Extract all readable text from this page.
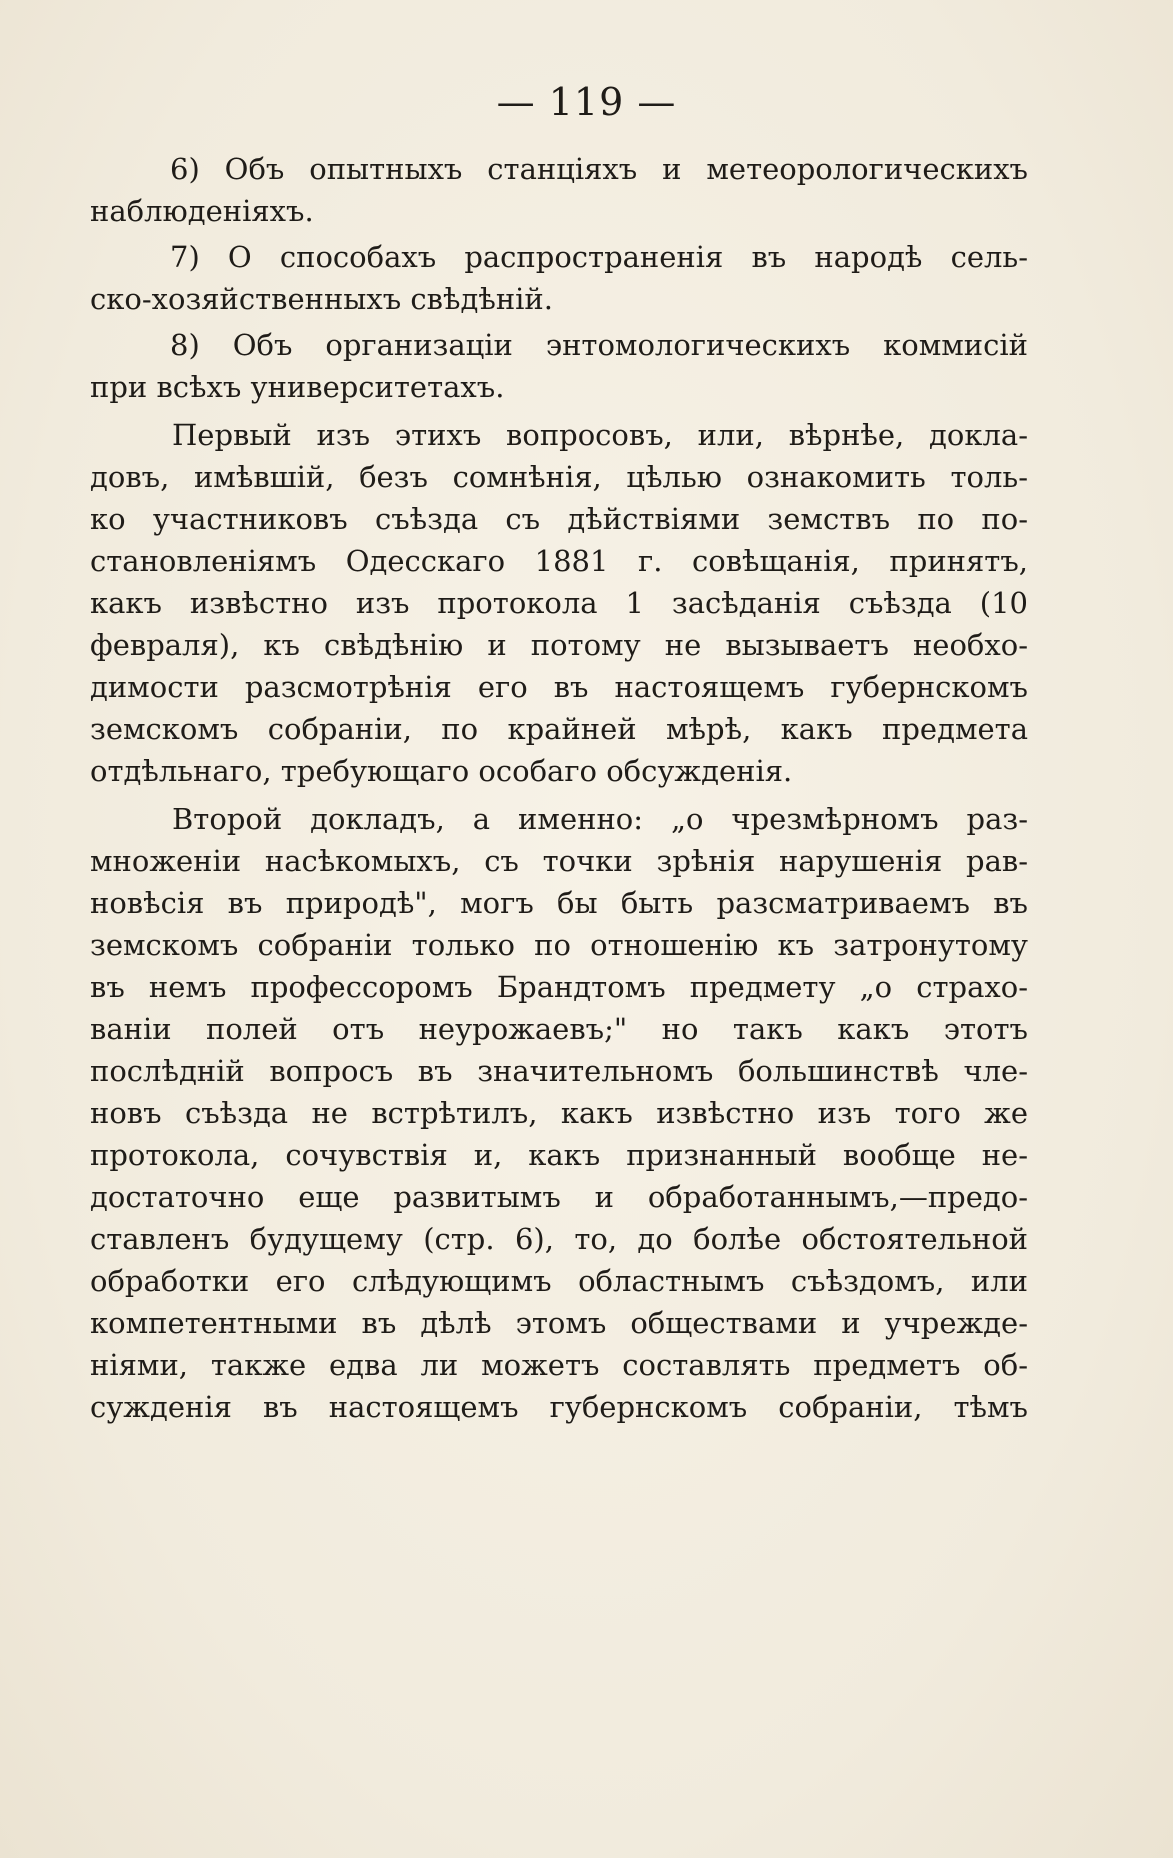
— 119 —
6) Объ опытныхъ станцiяхъ и метеорологическихъ
наблюденiяхъ.
7) О способахъ распространенiя въ народѣ сель-
ско-хозяйственныхъ свѣдѣнiй.
8) Объ организацiи энтомологическихъ коммисiй
при всѣхъ университетахъ.
Первый изъ этихъ вопросовъ, или, вѣрнѣе, докла-
довъ, имѣвшiй, безъ сомнѣнiя, цѣлью ознакомить толь-
ко участниковъ съѣзда съ дѣйствiями земствъ по по-
становленiямъ Одесскаго 1881 г. совѣщанiя, принятъ,
какъ извѣстно изъ протокола 1 засѣданiя съѣзда (10
февраля), къ свѣдѣнiю и потому не вызываетъ необхо-
димости разсмотрѣнiя его въ настоящемъ губернскомъ
земскомъ собранiи, по крайней мѣрѣ, какъ предмета
отдѣльнаго, требующаго особаго обсужденiя.
Второй докладъ, а именно: „о чрезмѣрномъ раз-
множенiи насѣкомыхъ, съ точки зрѣнiя нарушенiя рав-
новѣсiя въ природѣ", могъ бы быть разсматриваемъ въ
земскомъ собранiи только по отношенiю къ затронутому
въ немъ профессоромъ Брандтомъ предмету „о страхо-
ванiи полей отъ неурожаевъ;" но такъ какъ этотъ
послѣднiй вопросъ въ значительномъ большинствѣ чле-
новъ съѣзда не встрѣтилъ, какъ извѣстно изъ того же
протокола, сочувствiя и, какъ признанный вообще не-
достаточно еще развитымъ и обработаннымъ,—предо-
ставленъ будущему (стр. 6), то, до болѣе обстоятельной
обработки его слѣдующимъ областнымъ съѣздомъ, или
компетентными въ дѣлѣ этомъ обществами и учрежде-
нiями, также едва ли можетъ составлять предметъ об-
сужденiя въ настоящемъ губернскомъ собранiи, тѣмъ
